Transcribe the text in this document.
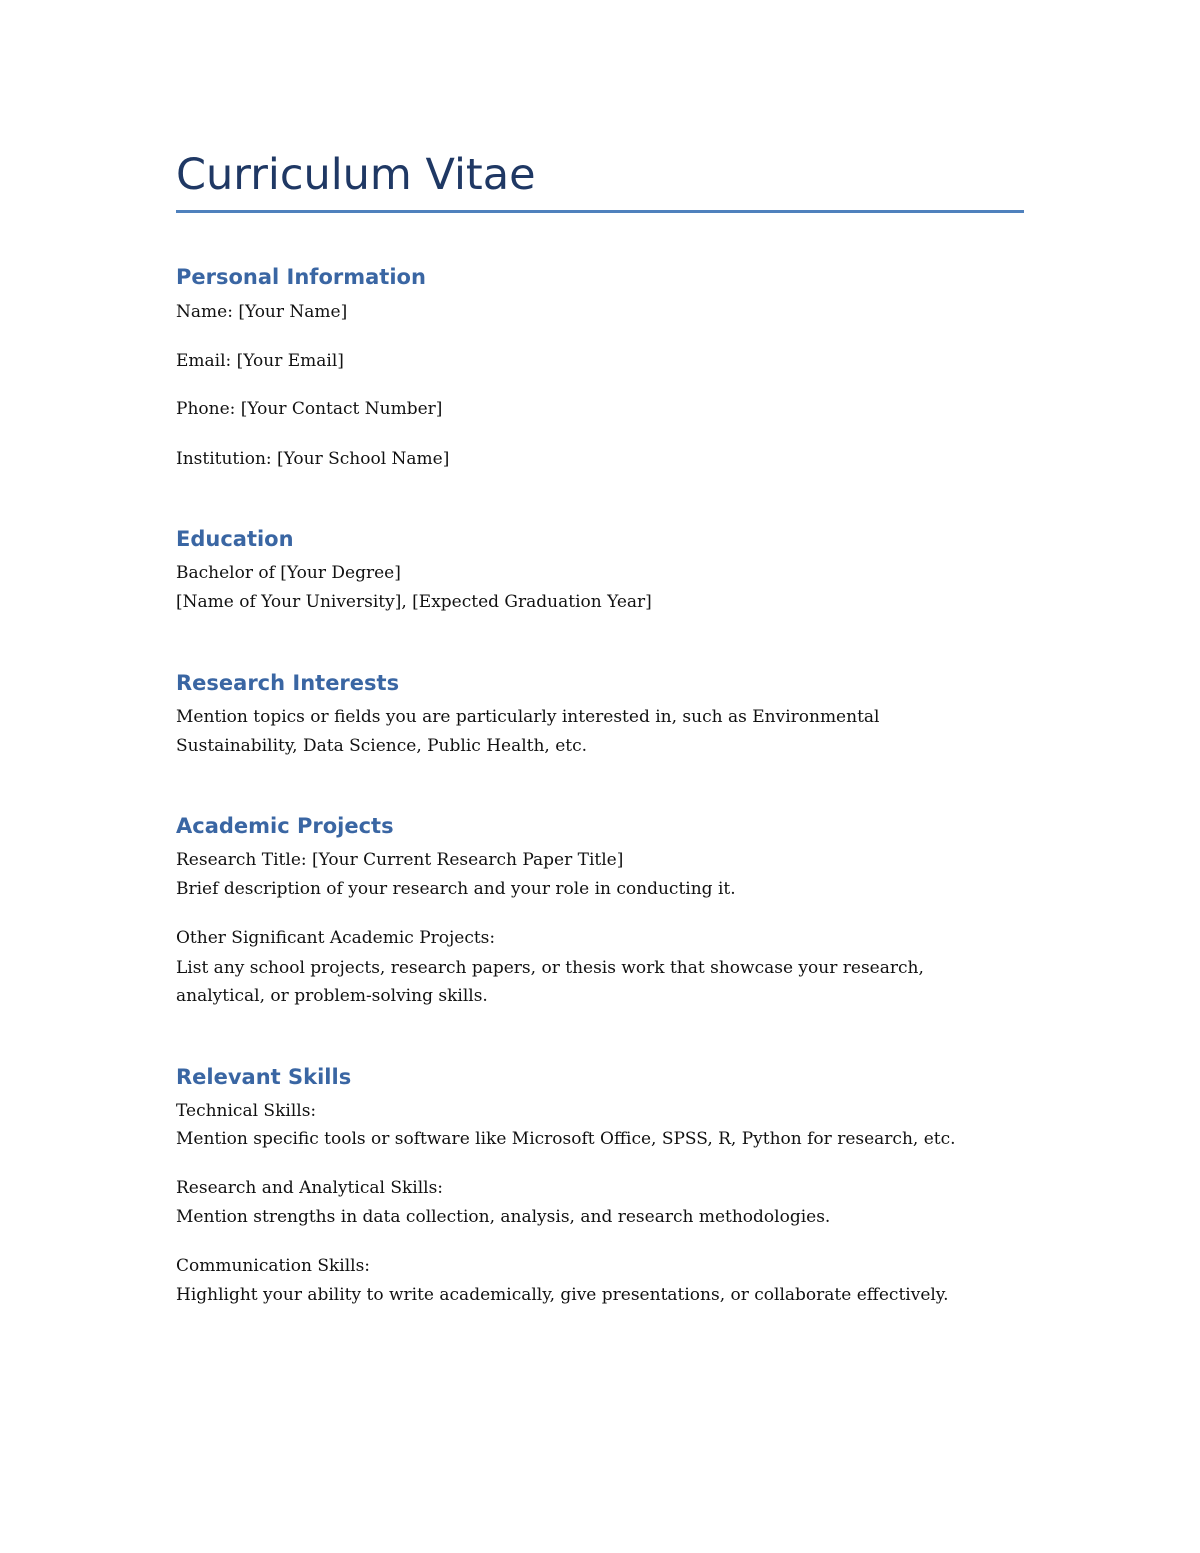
Curriculum Vitae
Personal Information

Name: [Your Name]

Email: [Your Email]

Phone: [Your Contact Number]

Institution: [Your School Name]

Education

Bachelor of [Your Degree]

[Name of Your University], [Expected Graduation Year]

Research Interests

Mention topics or fields you are particularly interested in, such as Environmental

Sustainability, Data Science, Public Health, etc.

Academic Projects

Research Title: [Your Current Research Paper Title]

Brief description of your research and your role in conducting it.

Other Significant Academic Projects:

List any school projects, research papers, or thesis work that showcase your research,

analytical, or problem-solving skills.

Relevant Skills

Technical Skills:

Mention specific tools or software like Microsoft Office, SPSS, R, Python for research, etc.

Research and Analytical Skills:

Mention strengths in data collection, analysis, and research methodologies.

Communication Skills:

Highlight your ability to write academically, give presentations, or collaborate effectively.
